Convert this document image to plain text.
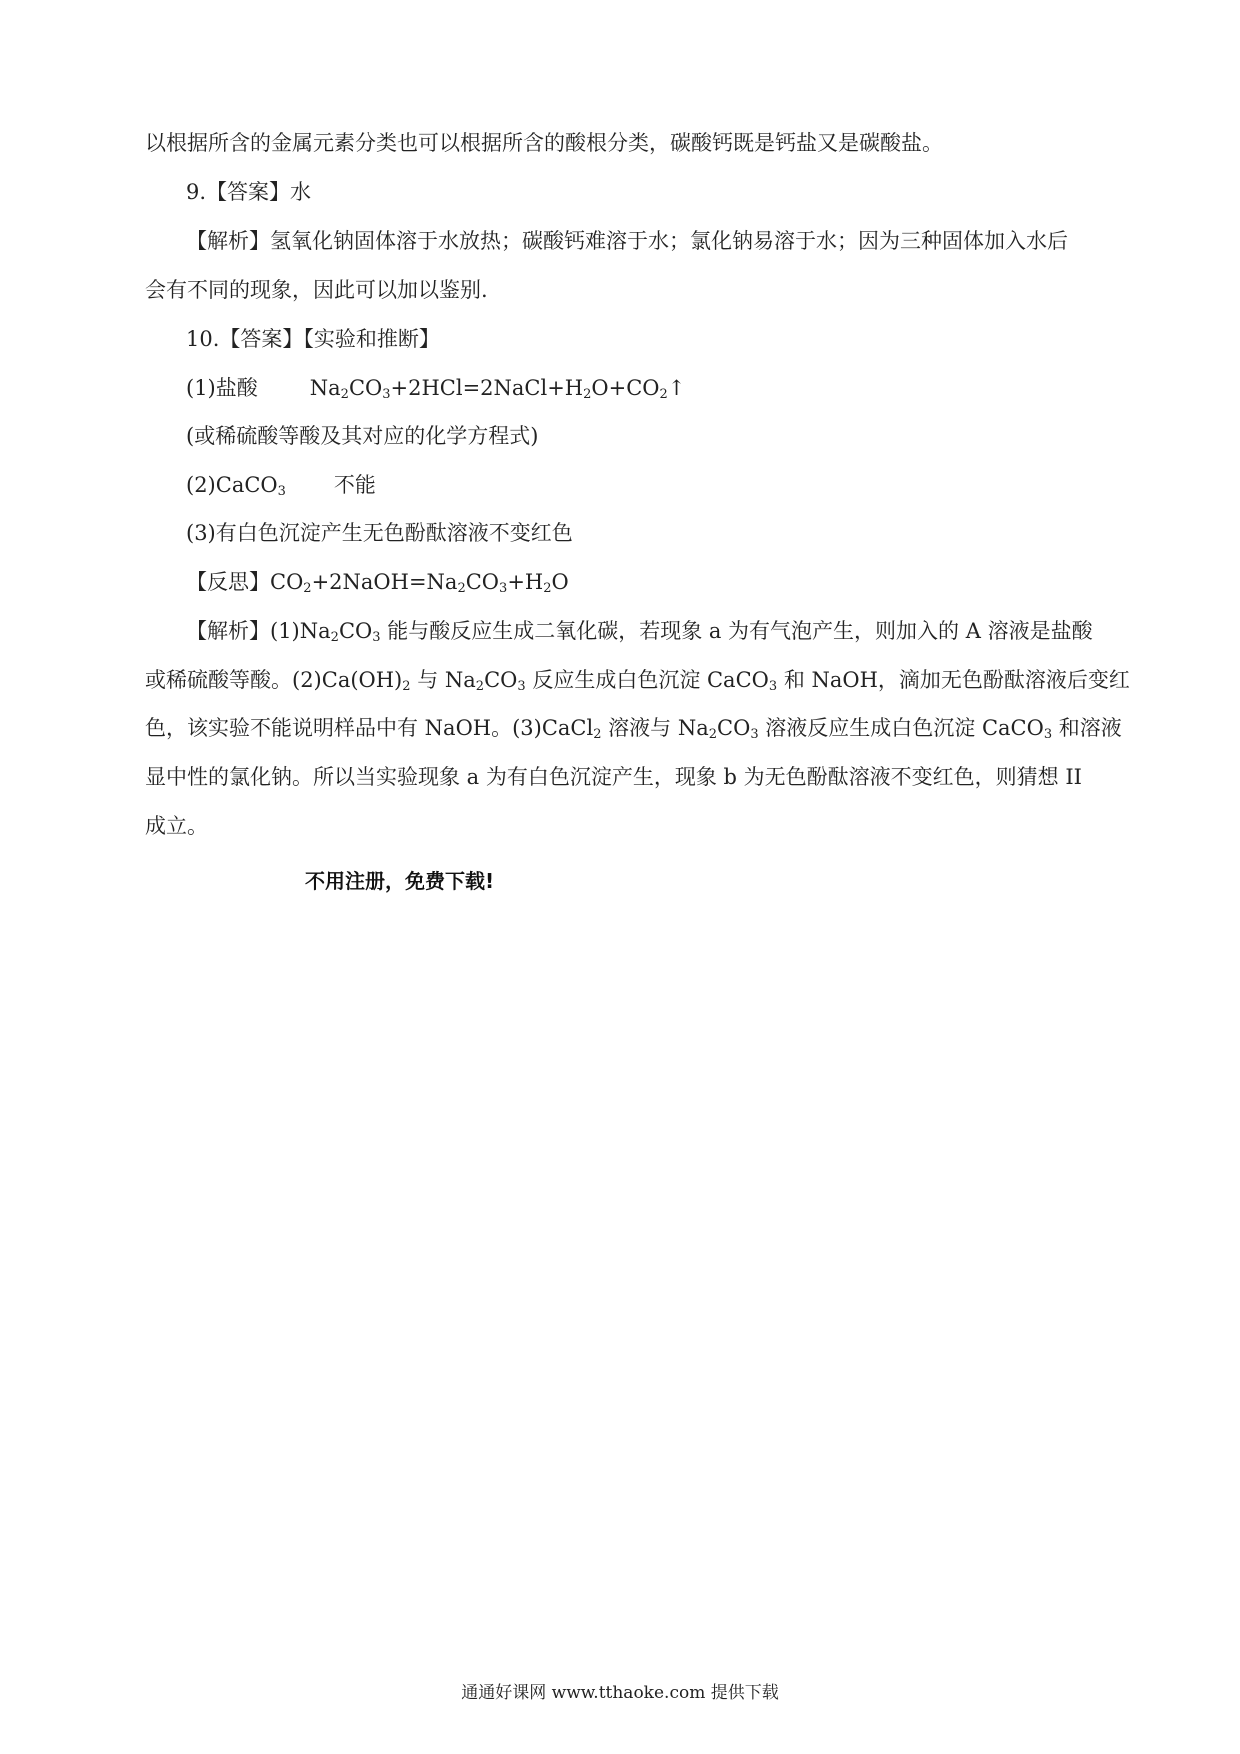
以根据所含的金属元素分类也可以根据所含的酸根分类，碳酸钙既是钙盐又是碳酸盐。
9.【答案】水
【解析】氢氧化钠固体溶于水放热；碳酸钙难溶于水；氯化钠易溶于水；因为三种固体加入水后
会有不同的现象，因此可以加以鉴别.
10.【答案】【实验和推断】
(1)盐酸 $Na_2CO_3+2HCl=2NaCl+H_2O+CO_2↑$
(或稀硫酸等酸及其对应的化学方程式)
(2)CaCO$_3$ 不能
(3)有白色沉淀产生无色酚酞溶液不变红色
【反思】$CO_2+2NaOH=Na_2CO_3+H_2O$
【解析】$(1)Na_2CO_3$ 能与酸反应生成二氧化碳，若现象 a 为有气泡产生，则加入的 A 溶液是盐酸
或稀硫酸等酸。$(2)Ca(OH)_2$ 与 $Na_2CO_3$ 反应生成白色沉淀 CaCO$_3$ 和 NaOH，滴加无色酚酞溶液后变红
色，该实验不能说明样品中有 NaOH。(3)CaCl$_2$ 溶液与 $Na_2CO_3$ 溶液反应生成白色沉淀 CaCO$_3$ 和溶液
显中性的氯化钠。所以当实验现象 a 为有白色沉淀产生，现象 b 为无色酚酞溶液不变红色，则猜想 II
成立。
不用注册，免费下载!
通通好课网 www.tthaoke.com 提供下载
